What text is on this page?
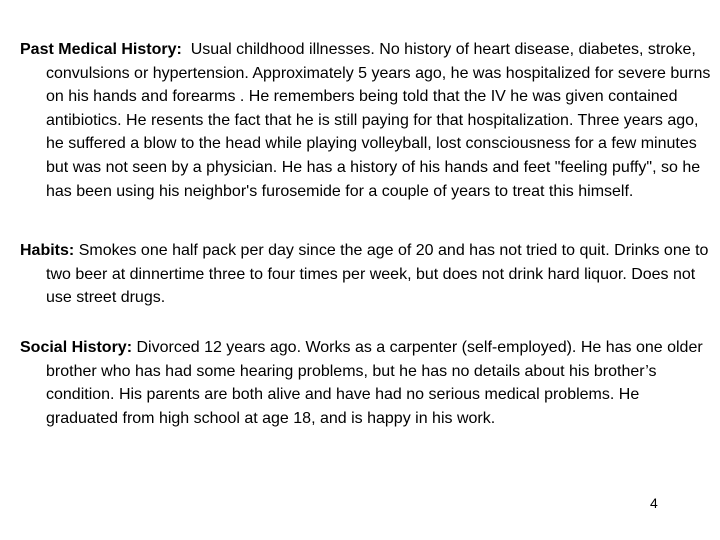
Past Medical History: Usual childhood illnesses. No history of heart disease, diabetes, stroke, convulsions or hypertension. Approximately 5 years ago, he was hospitalized for severe burns on his hands and forearms . He remembers being told that the IV he was given contained antibiotics. He resents the fact that he is still paying for that hospitalization. Three years ago, he suffered a blow to the head while playing volleyball, lost consciousness for a few minutes but was not seen by a physician. He has a history of his hands and feet "feeling puffy", so he has been using his neighbor's furosemide for a couple of years to treat this himself.

Habits: Smokes one half pack per day since the age of 20 and has not tried to quit. Drinks one to two beer at dinnertime three to four times per week, but does not drink hard liquor. Does not use street drugs.

Social History: Divorced 12 years ago. Works as a carpenter (self-employed). He has one older brother who has had some hearing problems, but he has no details about his brother’s condition. His parents are both alive and have had no serious medical problems. He graduated from high school at age 18, and is happy in his work.

4
